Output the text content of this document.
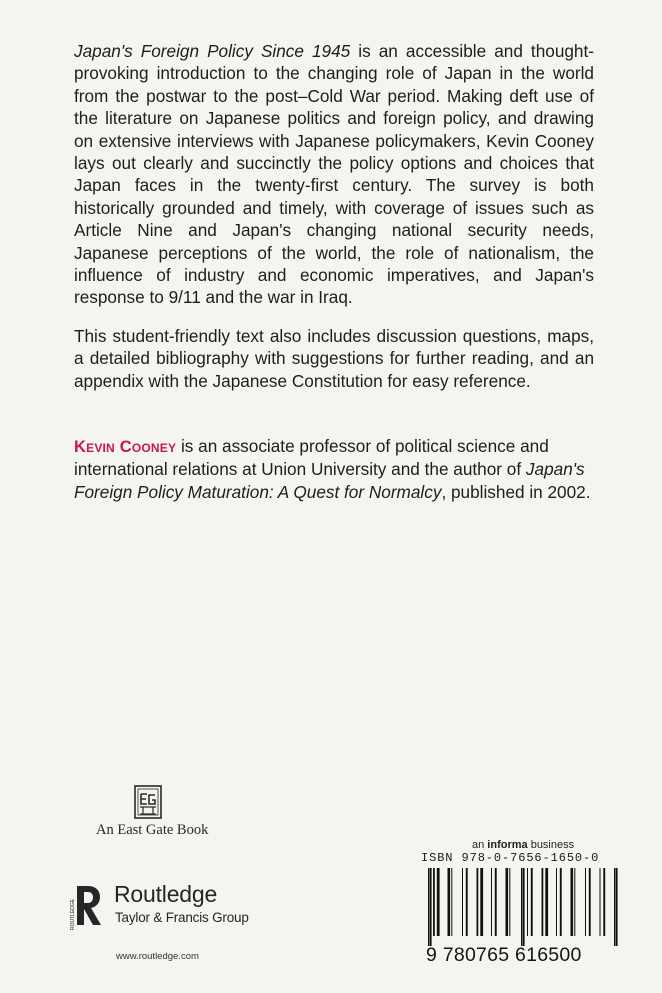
Japan's Foreign Policy Since 1945 is an accessible and thought-provoking introduction to the changing role of Japan in the world from the postwar to the post–Cold War period. Making deft use of the literature on Japanese politics and foreign policy, and drawing on extensive interviews with Japanese policymakers, Kevin Cooney lays out clearly and succinctly the policy options and choices that Japan faces in the twenty-first century. The survey is both historically grounded and timely, with coverage of issues such as Article Nine and Japan's changing national security needs, Japanese perceptions of the world, the role of nationalism, the influence of industry and economic imperatives, and Japan's response to 9/11 and the war in Iraq.

This student-friendly text also includes discussion questions, maps, a detailed bibliography with suggestions for further reading, and an appendix with the Japanese Constitution for easy reference.

Kevin Cooney is an associate professor of political science and international relations at Union University and the author of Japan's Foreign Policy Maturation: A Quest for Normalcy, published in 2002.

An East Gate Book
ROUTLEDGE
Routledge
Taylor & Francis Group
www.routledge.com
an informa business
ISBN 978-0-7656-1650-0
9 780765 616500
